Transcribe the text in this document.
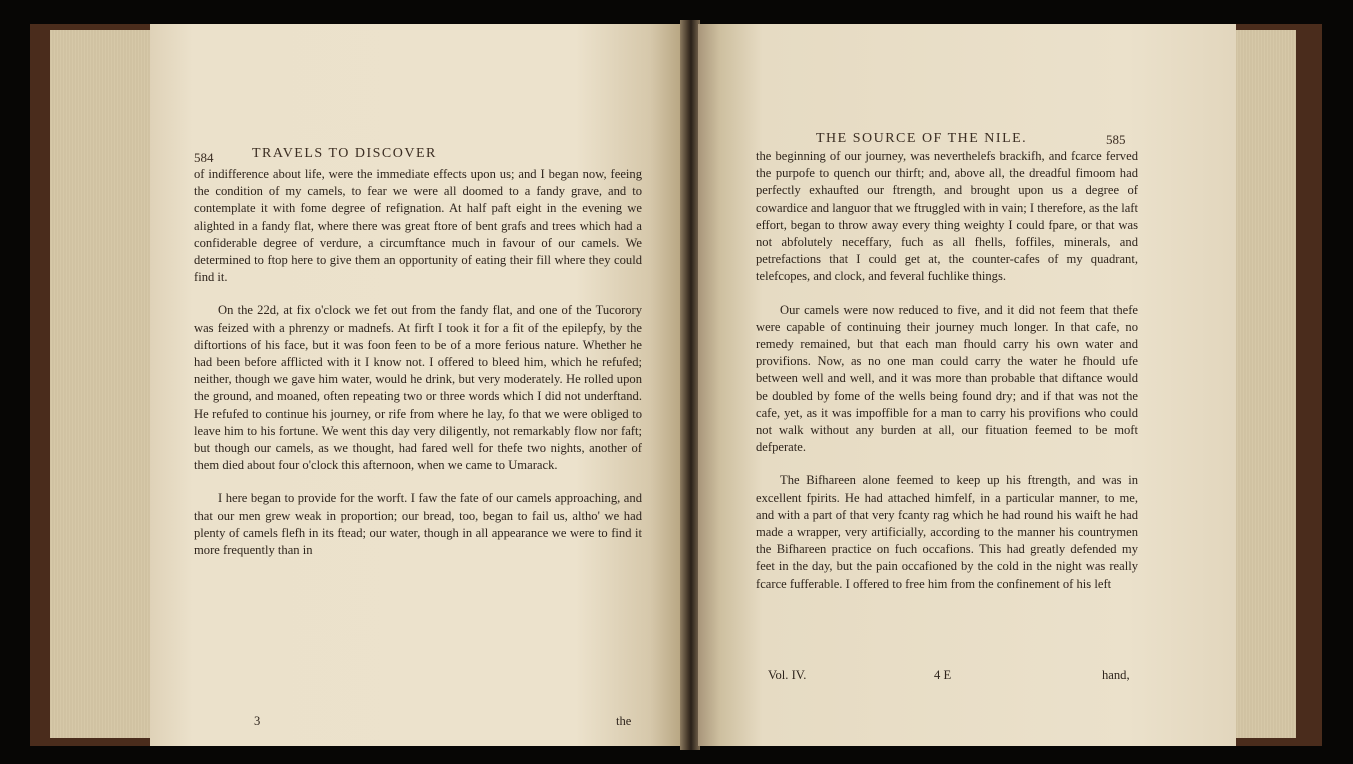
584	TRAVELS TO DISCOVER

of indifference about life, were the immediate effects upon us; and I began now, feeing the condition of my camels, to fear we were all doomed to a fandy grave, and to contemplate it with fome degree of refignation. At half paft eight in the evening we alighted in a fandy flat, where there was great ftore of bent grafs and trees which had a confiderable degree of verdure, a circumftance much in favour of our camels. We determined to ftop here to give them an opportunity of eating their fill where they could find it.

On the 22d, at fix o'clock we fet out from the fandy flat, and one of the Tucorory was feized with a phrenzy or madnefs. At firft I took it for a fit of the epilepfy, by the diftortions of his face, but it was foon feen to be of a more ferious nature. Whether he had been before afflicted with it I know not. I offered to bleed him, which he refufed; neither, though we gave him water, would he drink, but very moderately. He rolled upon the ground, and moaned, often repeating two or three words which I did not underftand. He refufed to continue his journey, or rife from where he lay, fo that we were obliged to leave him to his fortune. We went this day very diligently, not remarkably flow nor faft; but though our camels, as we thought, had fared well for thefe two nights, another of them died about four o'clock this afternoon, when we came to Umarack.

I here began to provide for the worft. I faw the fate of our camels approaching, and that our men grew weak in proportion; our bread, too, began to fail us, altho' we had plenty of camels flefh in its ftead; our water, though in all appearance we were to find it more frequently than in

3	the
THE SOURCE OF THE NILE.	585

the beginning of our journey, was neverthelefs brackifh, and fcarce ferved the purpofe to quench our thirft; and, above all, the dreadful fimoom had perfectly exhaufted our ftrength, and brought upon us a degree of cowardice and languor that we ftruggled with in vain; I therefore, as the laft effort, began to throw away every thing weighty I could fpare, or that was not abfolutely neceffary, fuch as all fhells, foffiles, minerals, and petrefactions that I could get at, the counter-cafes of my quadrant, telefcopes, and clock, and feveral fuchlike things.

Our camels were now reduced to five, and it did not feem that thefe were capable of continuing their journey much longer. In that cafe, no remedy remained, but that each man fhould carry his own water and provifions. Now, as no one man could carry the water he fhould ufe between well and well, and it was more than probable that diftance would be doubled by fome of the wells being found dry; and if that was not the cafe, yet, as it was impoffible for a man to carry his provifions who could not walk without any burden at all, our fituation feemed to be moft defperate.

The Bifhareen alone feemed to keep up his ftrength, and was in excellent fpirits. He had attached himfelf, in a particular manner, to me, and with a part of that very fcanty rag which he had round his waift he had made a wrapper, very artificially, according to the manner his countrymen the Bifhareen practice on fuch occafions. This had greatly defended my feet in the day, but the pain occafioned by the cold in the night was really fcarce fufferable. I offered to free him from the confinement of his left

Vol. IV.	4 E	hand,
